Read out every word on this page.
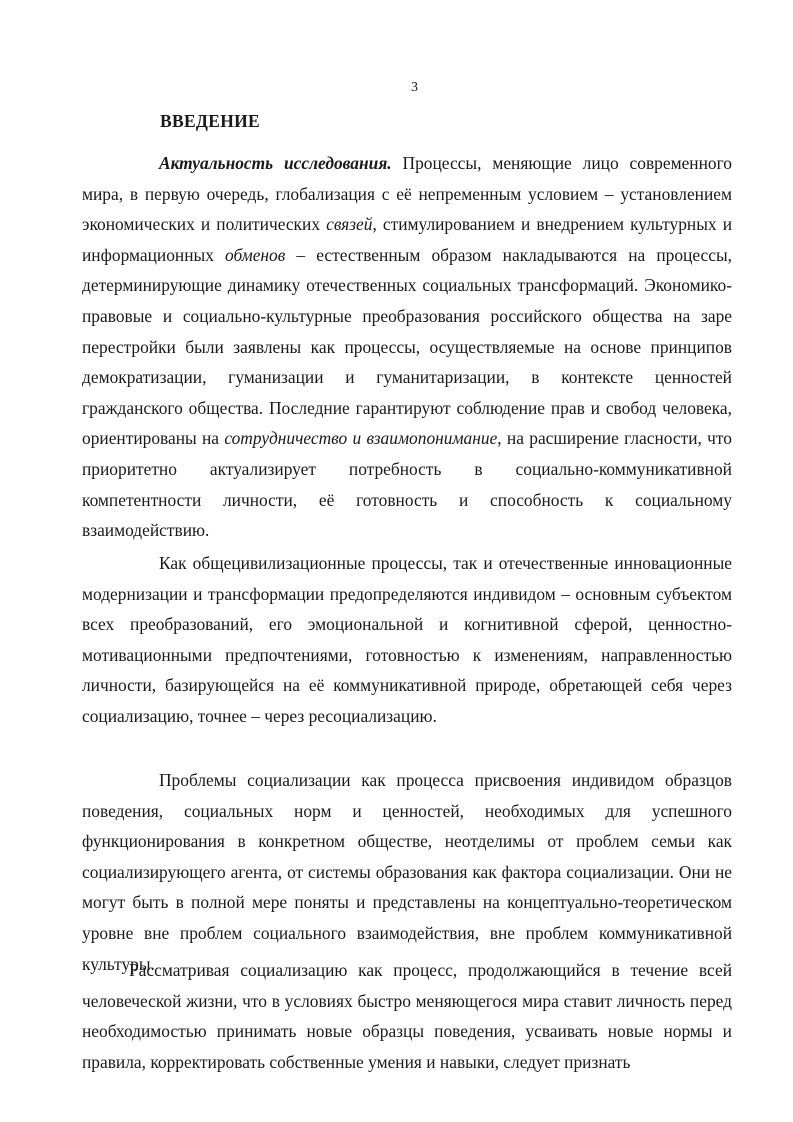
3
ВВЕДЕНИЕ
Актуальность исследования. Процессы, меняющие лицо современного мира, в первую очередь, глобализация с её непременным условием – установлением экономических и политических связей, стимулированием и внедрением культурных и информационных обменов – естественным образом накладываются на процессы, детерминирующие динамику отечественных социальных трансформаций. Экономико-правовые и социально-культурные преобразования российского общества на заре перестройки были заявлены как процессы, осуществляемые на основе принципов демократизации, гуманизации и гуманитаризации, в контексте ценностей гражданского общества. Последние гарантируют соблюдение прав и свобод человека, ориентированы на сотрудничество и взаимопонимание, на расширение гласности, что приоритетно актуализирует потребность в социально-коммуникативной компетентности личности, её готовность и способность к социальному взаимодействию.
Как общецивилизационные процессы, так и отечественные инновационные модернизации и трансформации предопределяются индивидом – основным субъектом всех преобразований, его эмоциональной и когнитивной сферой, ценностно-мотивационными предпочтениями, готовностью к изменениям, направленностью личности, базирующейся на её коммуникативной природе, обретающей себя через социализацию, точнее – через ресоциализацию.
Проблемы социализации как процесса присвоения индивидом образцов поведения, социальных норм и ценностей, необходимых для успешного функционирования в конкретном обществе, неотделимы от проблем семьи как социализирующего агента, от системы образования как фактора социализации. Они не могут быть в полной мере поняты и представлены на концептуально-теоретическом уровне вне проблем социального взаимодействия, вне проблем коммуникативной культуры.
Рассматривая социализацию как процесс, продолжающийся в течение всей человеческой жизни, что в условиях быстро меняющегося мира ставит личность перед необходимостью принимать новые образцы поведения, усваивать новые нормы и правила, корректировать собственные умения и навыки, следует признать
